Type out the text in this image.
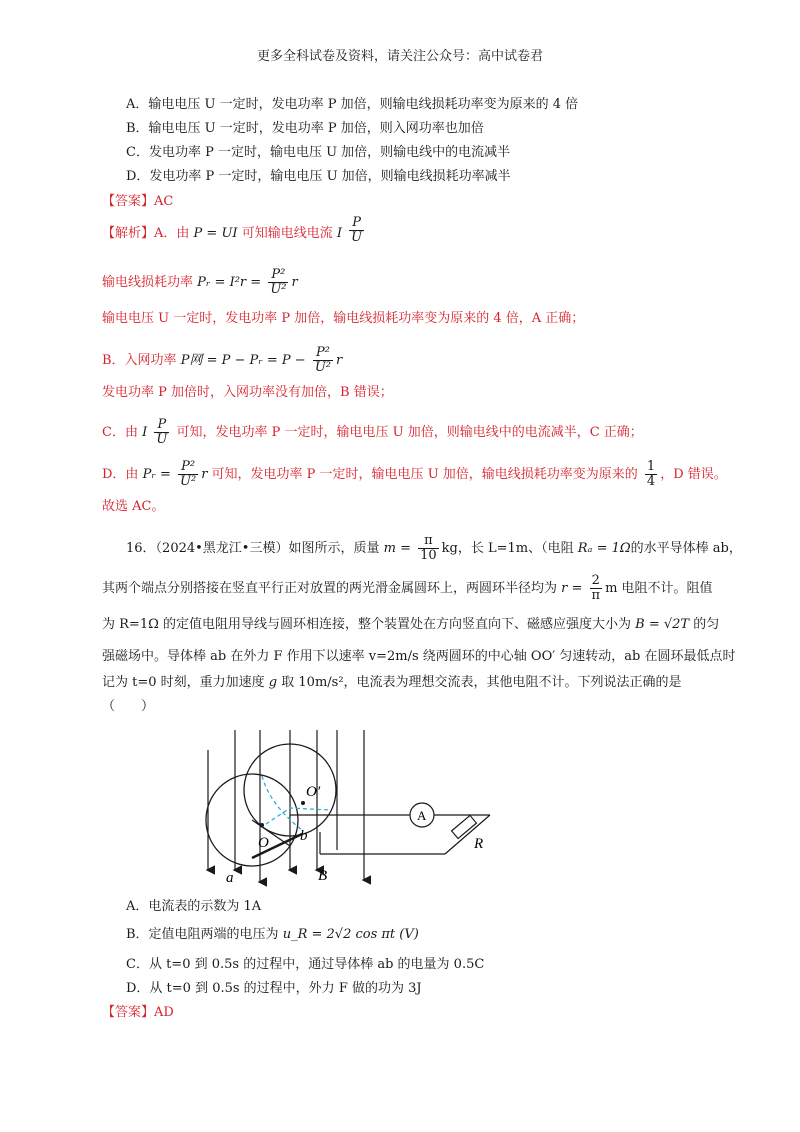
更多全科试卷及资料，请关注公众号：高中试卷君
A．输电电压 U 一定时，发电功率 P 加倍，则输电线损耗功率变为原来的 4 倍
B．输电电压 U 一定时，发电功率 P 加倍，则入网功率也加倍
C．发电功率 P 一定时，输电电压 U 加倍，则输电线中的电流减半
D．发电功率 P 一定时，输电电压 U 加倍，则输电线损耗功率减半
【答案】AC
【解析】A．由 P = UI 可知输电线电流 I $\frac{P}{U}$
输电线损耗功率 Pᵣ = $I^2r = \frac{\text{P²}}{\text{U²}}$ r
输电电压 U 一定时，发电功率 P 加倍，输电线损耗功率变为原来的 4 倍，A 正确；
B．入网功率 P网 = P − Pᵣ = $P - \frac{\text{P²}}{\text{U²}}$ r
发电功率 P 加倍时，入网功率没有加倍，B 错误；
C．由 I $\frac{P}{U}$ 可知，发电功率 P 一定时，输电电压 U 加倍，则输电线中的电流减半，C 正确；
D．由 Pᵣ = $\frac{\text{P²}}{\text{U²}}$ r 可知，发电功率 P 一定时，输电电压 U 加倍，输电线损耗功率变为原来的 $\frac{1}{4}$ ，D 错误。
故选 AC。
16．（2024•黑龙江•三模）如图所示，质量 $m = \frac{\pi}{10}$ kg，长 L=1m、（电阻 Rₐ = 1Ω的水平导体棒 ab，
其两个端点分别搭接在竖直平行正对放置的两光滑金属圆环上，两圆环半径均为 $r = \frac{2}{\pi}$ m 电阻不计。阻值
为 R=1Ω 的定值电阻用导线与圆环相连接，整个装置处在方向竖直向下、磁感应强度大小为 B = √2T 的匀
强磁场中。导体棒 ab 在外力 F 作用下以速率 v=2m/s 绕两圆环的中心轴 OO′ 匀速转动，ab 在圆环最低点时
记为 t=0 时刻，重力加速度 g 取 10m/s²，电流表为理想交流表，其他电阻不计。下列说法正确的是
（　　）
O′
O b
a	B
A
R
A．电流表的示数为 1A
B．定值电阻两端的电压为 u_R = 2√2 cos πt (V)
C．从 t=0 到 0.5s 的过程中，通过导体棒 ab 的电量为 0.5C
D．从 t=0 到 0.5s 的过程中，外力 F 做的功为 3J
【答案】AD
